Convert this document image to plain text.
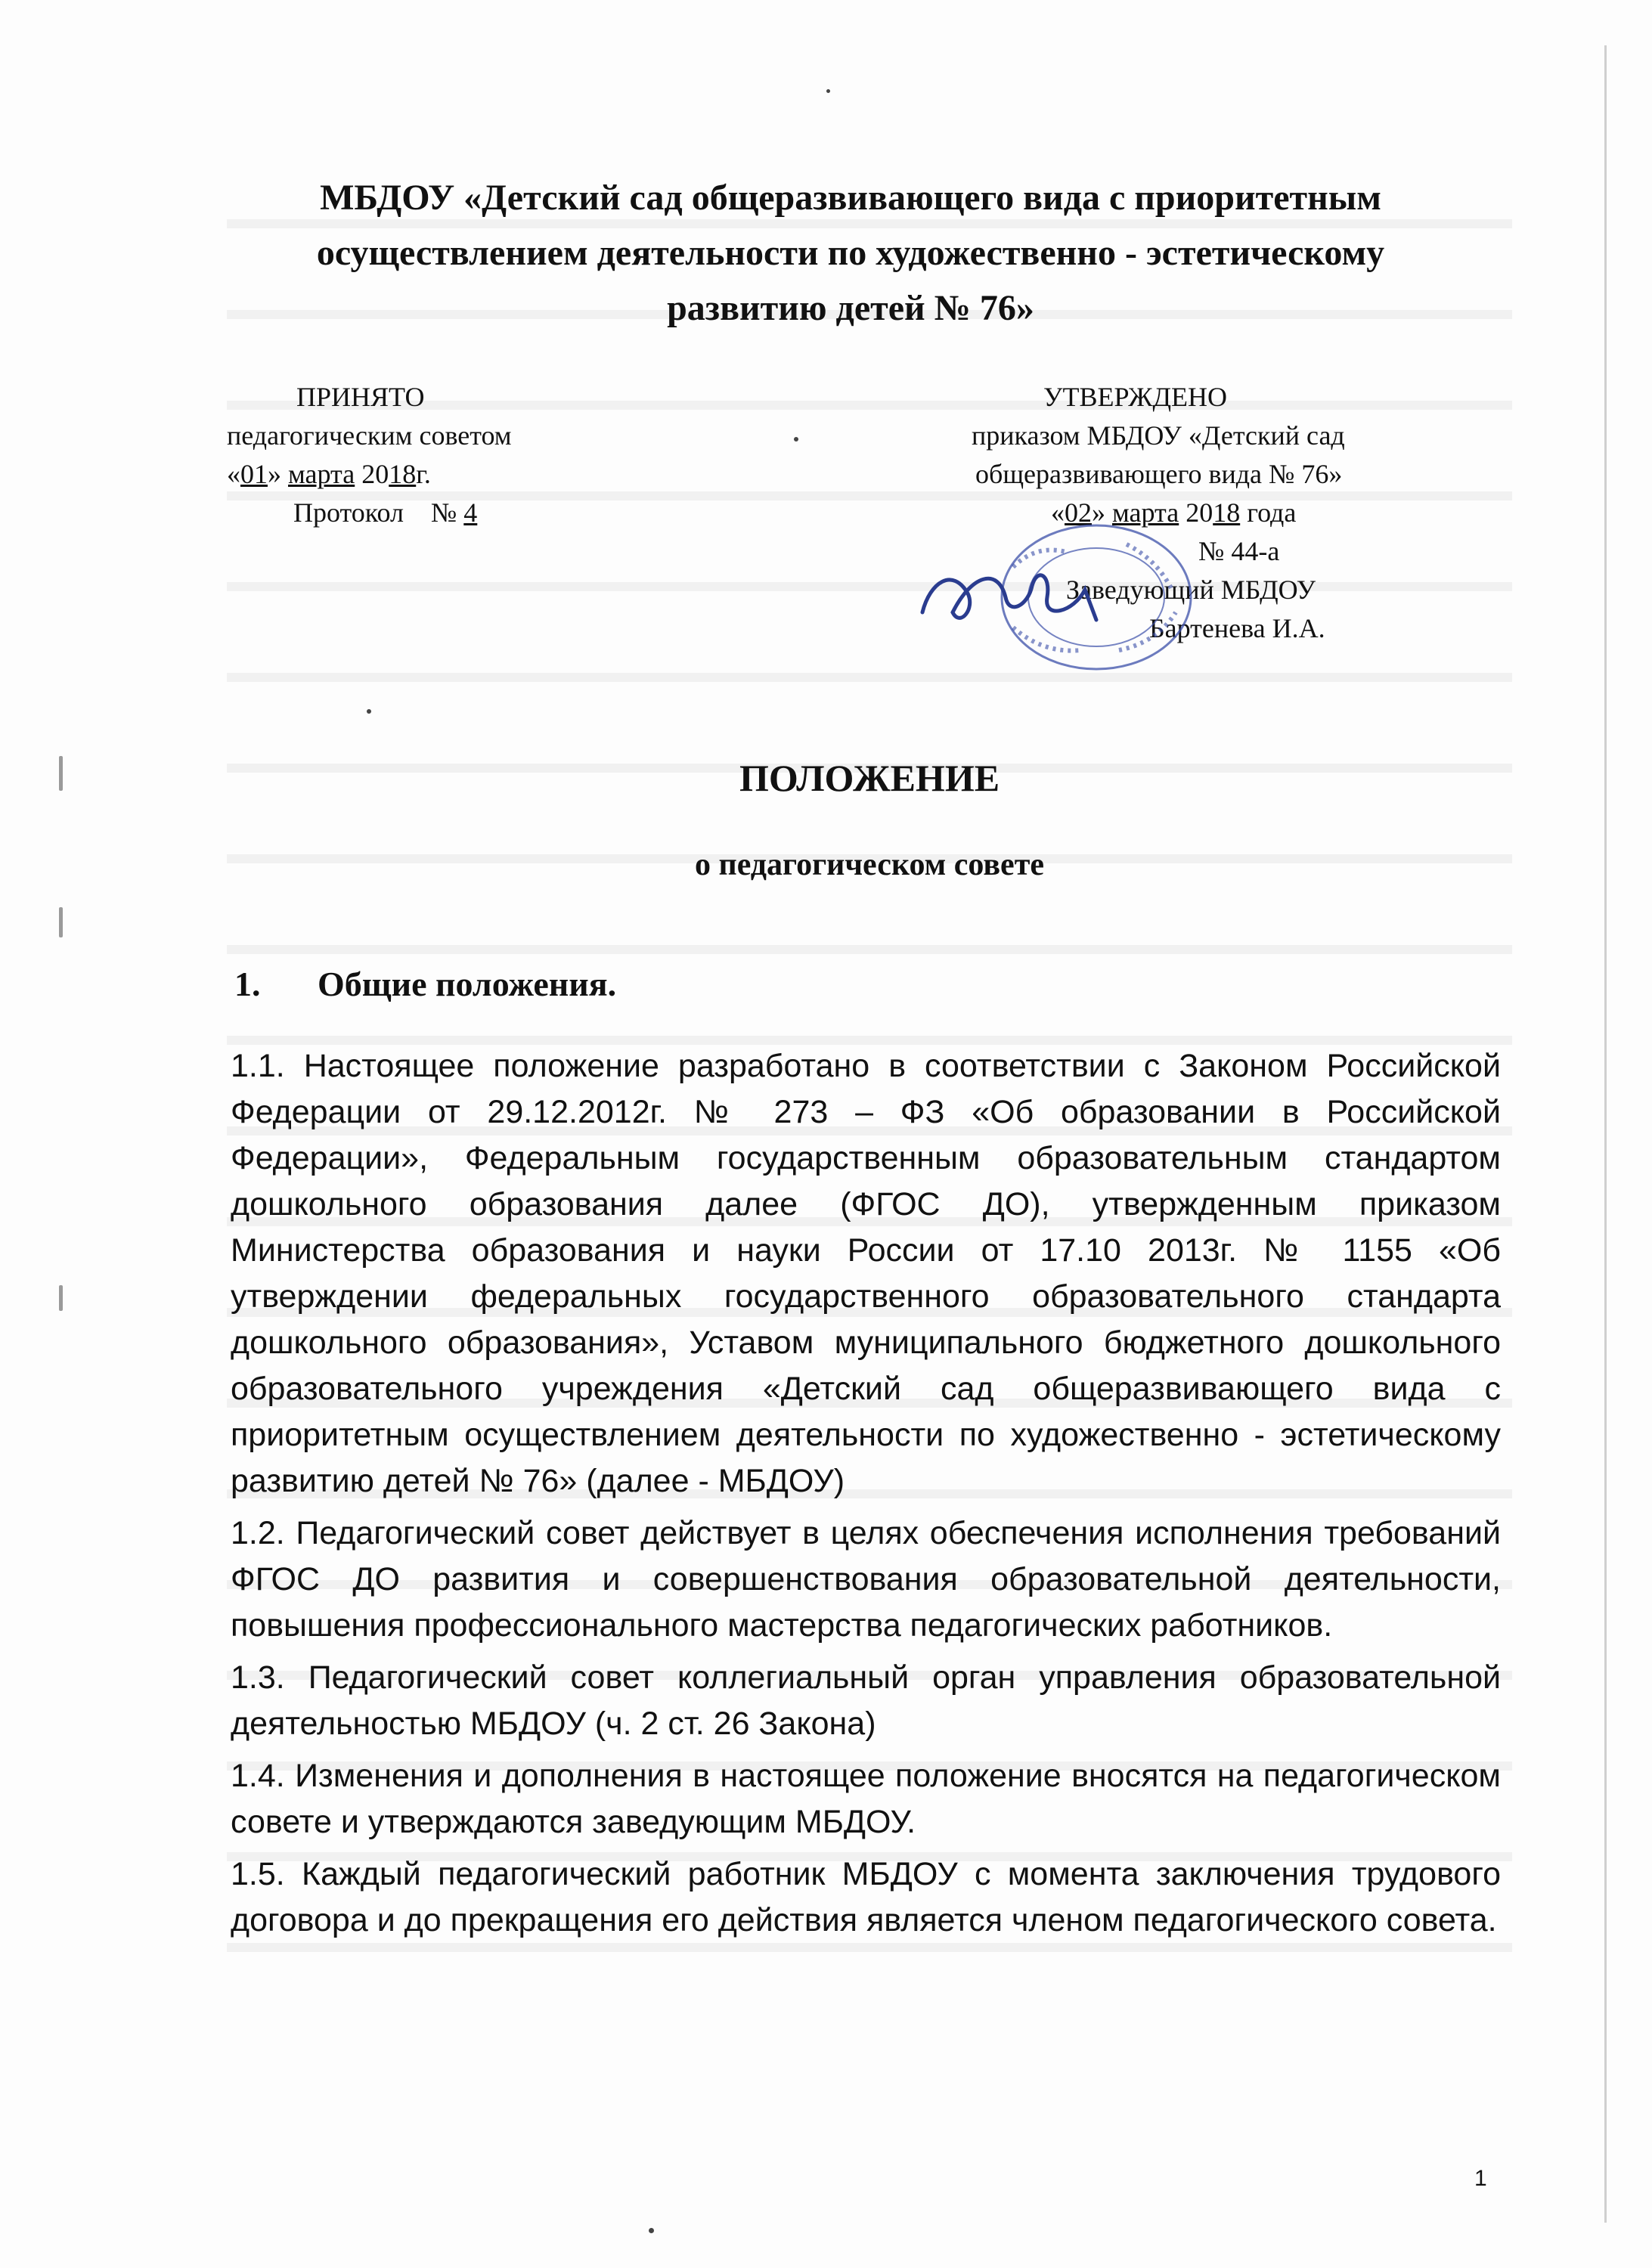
МБДОУ «Детский сад общеразвивающего вида с приоритетным
осуществлением деятельности по художественно - эстетическому
развитию детей № 76»
ПРИНЯТО
педагогическим советом
«01» марта 2018г.
Протокол    № 4
УТВЕРЖДЕНО
приказом МБДОУ «Детский сад
общеразвивающего вида № 76»
«02» марта 2018 года
№ 44-а
Заведующий МБДОУ
Бартенева И.А.
ПОЛОЖЕНИЕ
о педагогическом совете
1. Общие положения.

1.1. Настоящее положение разработано в соответствии с Законом Российской Федерации от 29.12.2012г. № 273 – ФЗ «Об образовании в Российской Федерации», Федеральным государственным образовательным стандартом дошкольного образования далее (ФГОС ДО), утвержденным приказом Министерства образования и науки России от 17.10 2013г. № 1155 «Об утверждении федеральных государственного образовательного стандарта дошкольного образования», Уставом муниципального бюджетного дошкольного образовательного учреждения «Детский сад общеразвивающего вида с приоритетным осуществлением деятельности по художественно - эстетическому развитию детей № 76» (далее - МБДОУ)

1.2. Педагогический совет действует в целях обеспечения исполнения требований ФГОС ДО развития и совершенствования образовательной деятельности, повышения профессионального мастерства педагогических работников.

1.3. Педагогический совет коллегиальный орган управления образовательной деятельностью МБДОУ (ч. 2 ст. 26 Закона)

1.4. Изменения и дополнения в настоящее положение вносятся на педагогическом совете и утверждаются заведующим МБДОУ.

1.5. Каждый педагогический работник МБДОУ с момента заключения трудового договора и до прекращения его действия является членом педагогического совета.

1
